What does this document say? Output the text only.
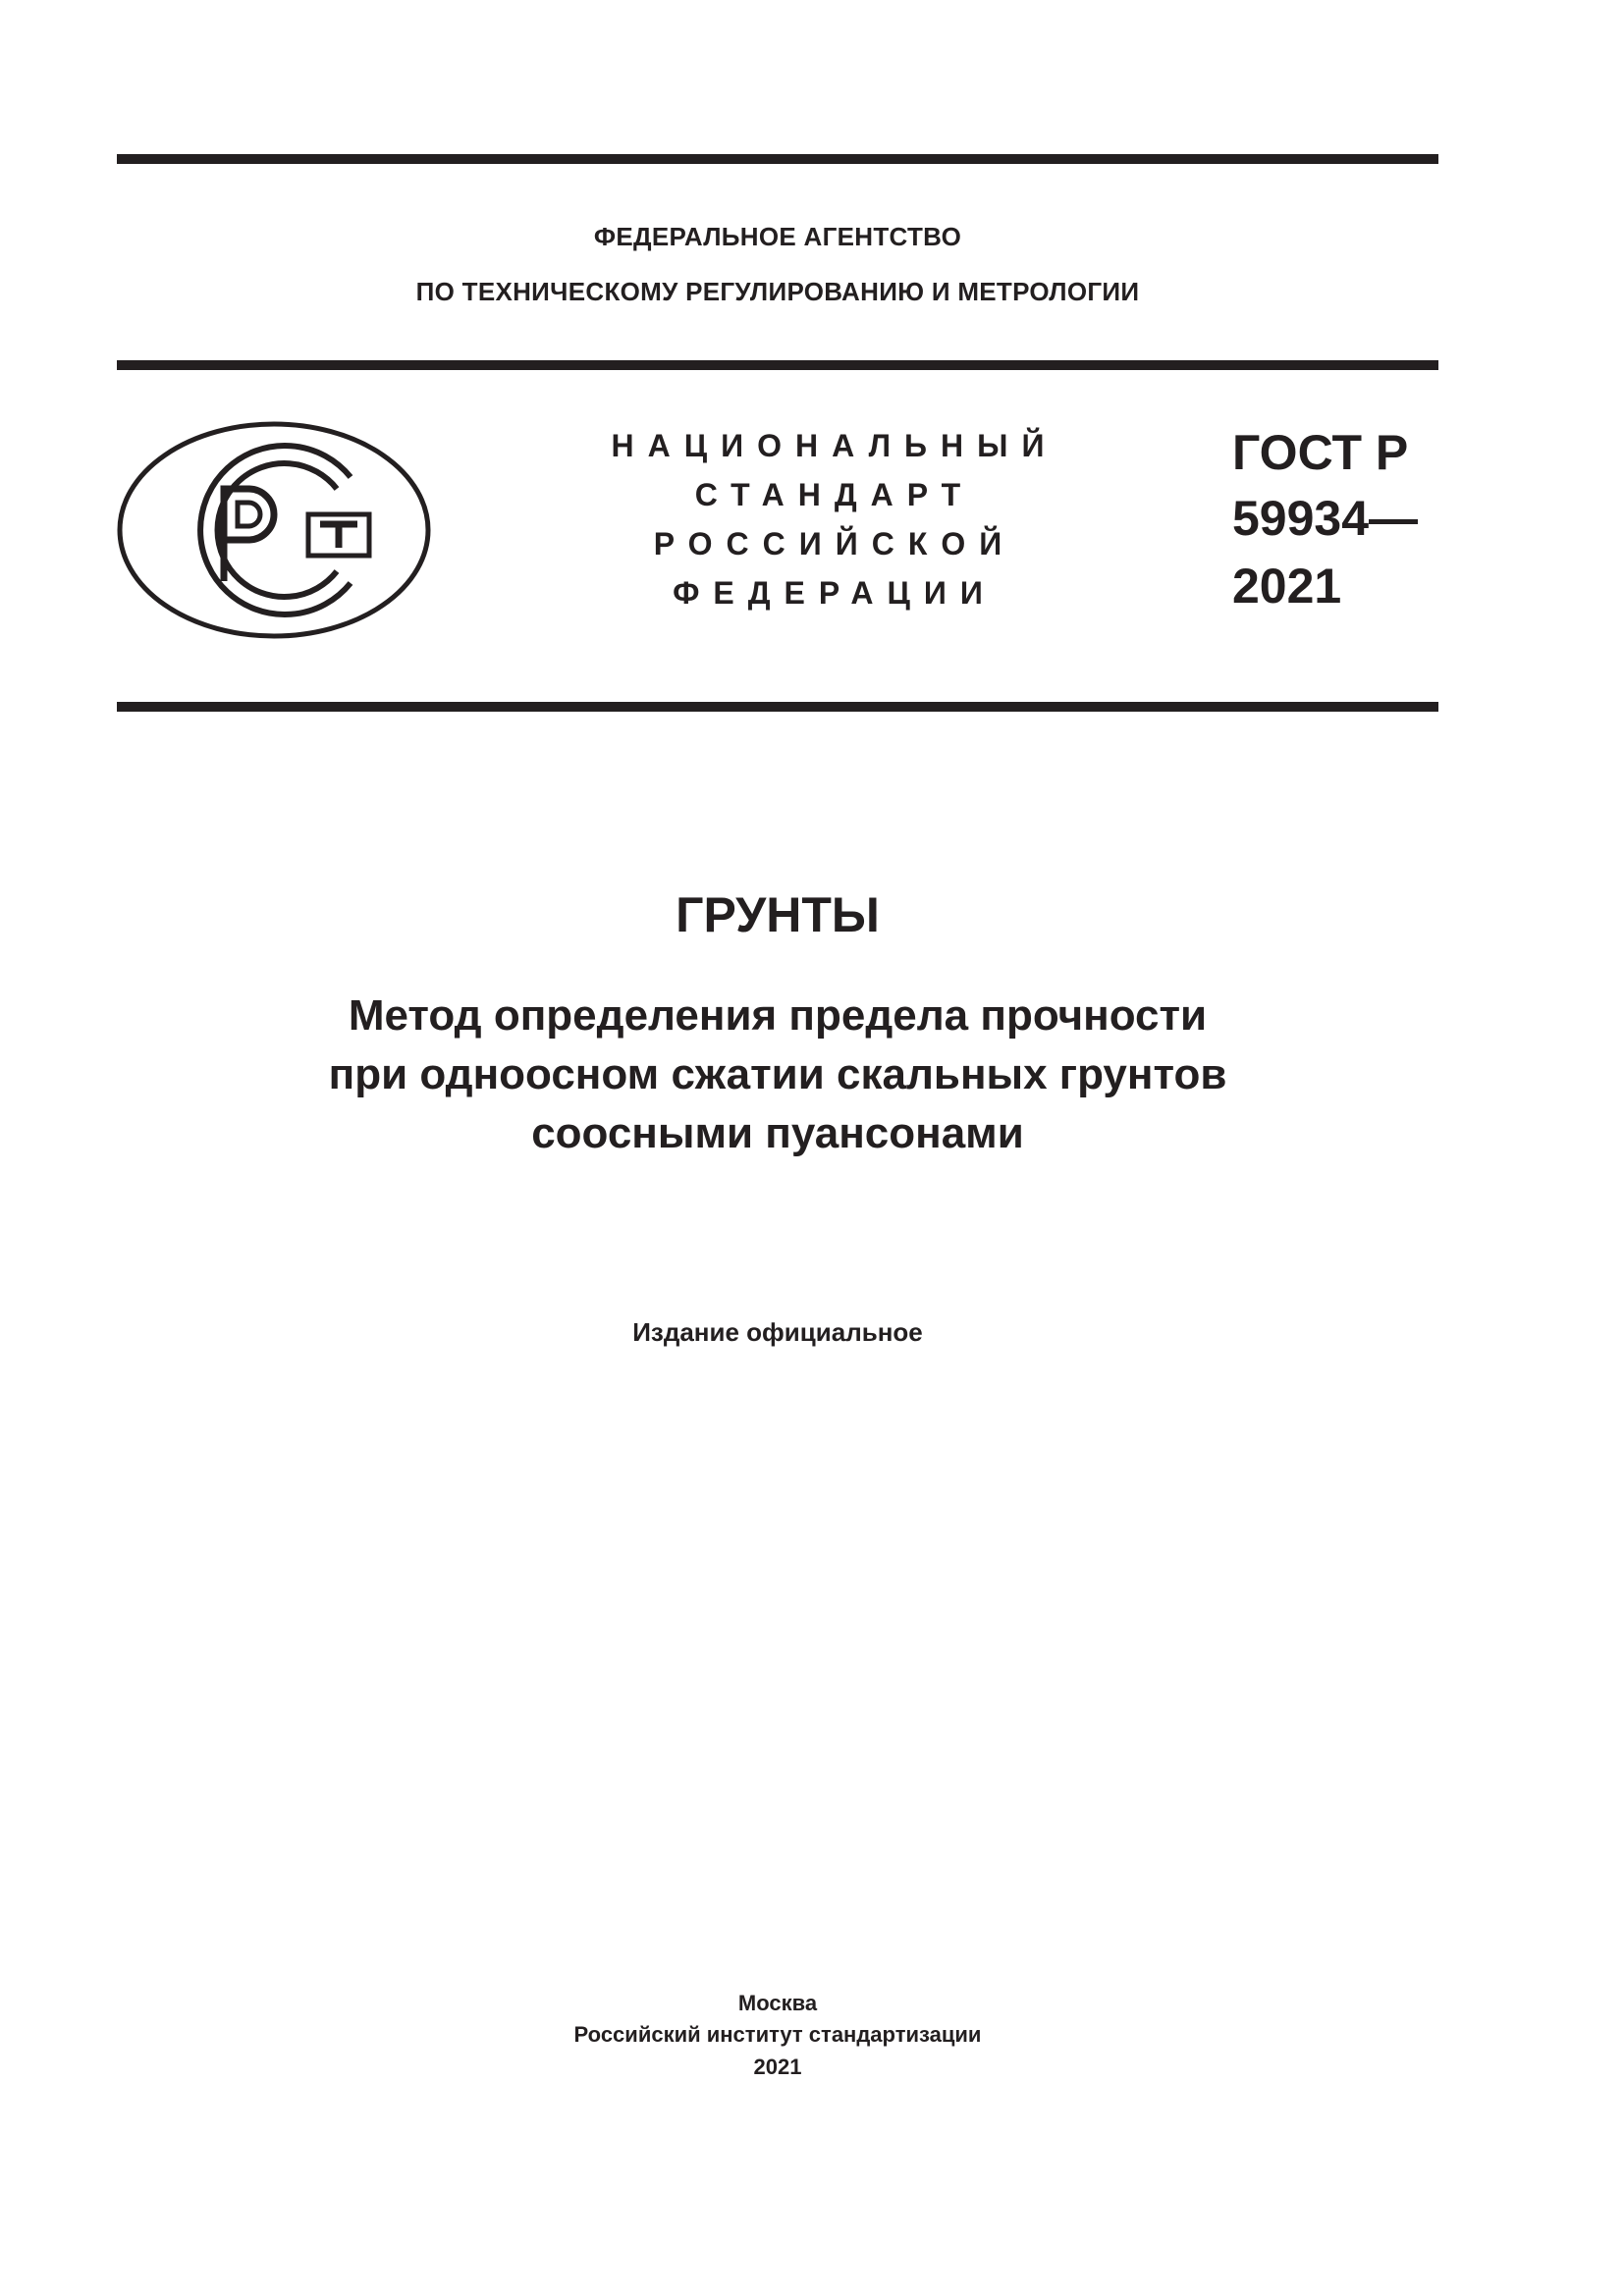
ФЕДЕРАЛЬНОЕ АГЕНТСТВО
ПО ТЕХНИЧЕСКОМУ РЕГУЛИРОВАНИЮ И МЕТРОЛОГИИ
НАЦИОНАЛЬНЫЙ
СТАНДАРТ
РОССИЙСКОЙ
ФЕДЕРАЦИИ
ГОСТ Р
59934—
2021
ГРУНТЫ
Метод определения предела прочности
при одноосном сжатии скальных грунтов
соосными пуансонами
Издание официальное
Москва
Российский институт стандартизации
2021
